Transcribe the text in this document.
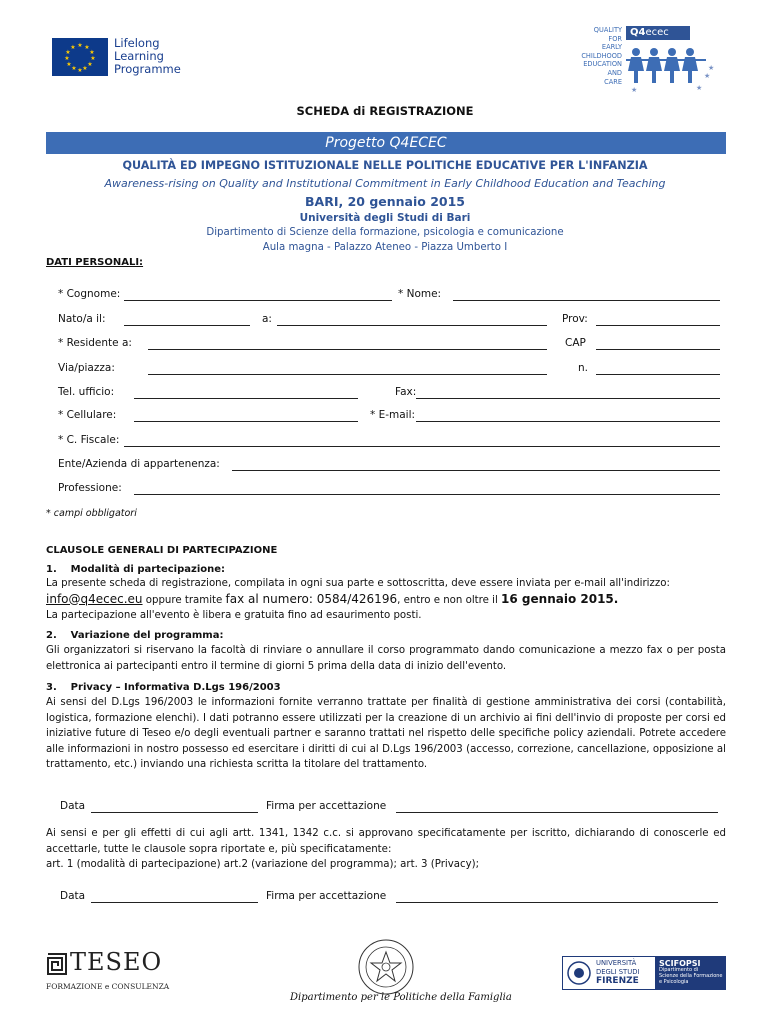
★ ★
★
★
★
★
★
★
★
★
★
★	Lifelong
Learning
Programme
QUALITY
FOR
EARLY
CHILDHOOD
EDUCATION
AND
CARE
Q4ecec
★
★
★
★
SCHEDA di REGISTRAZIONE
Progetto Q4ECEC
QUALITÀ ED IMPEGNO ISTITUZIONALE NELLE POLITICHE EDUCATIVE PER L'INFANZIA
Awareness-rising on Quality and Institutional Commitment in Early Childhood Education and Teaching
BARI, 20 gennaio 2015
Università degli Studi di Bari
Dipartimento di Scienze della formazione, psicologia e comunicazione
Aula magna - Palazzo Ateneo - Piazza Umberto I
DATI PERSONALI:
* Cognome:	* Nome:
Nato/a il:	a:	Prov:
* Residente a:	CAP
Via/piazza:	n.
Tel. ufficio:	Fax:
* Cellulare:	* E-mail:
* C. Fiscale:
Ente/Azienda di appartenenza:
Professione:
* campi obbligatori
CLAUSOLE GENERALI DI PARTECIPAZIONE
1.    Modalità di partecipazione:
La presente scheda di registrazione, compilata in ogni sua parte e sottoscritta, deve essere inviata per e-mail all'indirizzo:
info@q4ecec.eu oppure tramite fax al numero: 0584/426196, entro e non oltre il 16 gennaio 2015.
La partecipazione all'evento è libera e gratuita fino ad esaurimento posti.
2.    Variazione del programma:
Gli organizzatori si riservano la facoltà di rinviare o annullare il corso programmato dando comunicazione a mezzo fax o per posta elettronica ai partecipanti entro il termine di giorni 5 prima della data di inizio dell'evento.
3.    Privacy – Informativa D.Lgs 196/2003
Ai sensi del D.Lgs 196/2003 le informazioni fornite verranno trattate per finalità di gestione amministrativa dei corsi (contabilità, logistica, formazione elenchi). I dati potranno essere utilizzati per la creazione di un archivio ai fini dell'invio di proposte per corsi ed iniziative future di Teseo e/o degli eventuali partner e saranno trattati nel rispetto delle specifiche policy aziendali. Potrete accedere alle informazioni in nostro possesso ed esercitare i diritti di cui al D.Lgs 196/2003 (accesso, correzione, cancellazione, opposizione al trattamento, etc.) inviando una richiesta scritta la titolare del trattamento.
Data	Firma per accettazione
Ai sensi e per gli effetti di cui agli artt. 1341, 1342 c.c. si approvano specificatamente per iscritto, dichiarando di conoscerle ed accettarle, tutte le clausole sopra riportate e, più specificatamente:
art. 1 (modalità di partecipazione) art.2 (variazione del programma); art. 3 (Privacy);
Data	Firma per accettazione
TESEO
FORMAZIONE e CONSULENZA
Dipartimento per le Politiche della Famiglia
UNIVERSITÀ
DEGLI STUDI
FIRENZE
SCIFOPSI
Dipartimento di
Scienze della Formazione
e Psicologia
